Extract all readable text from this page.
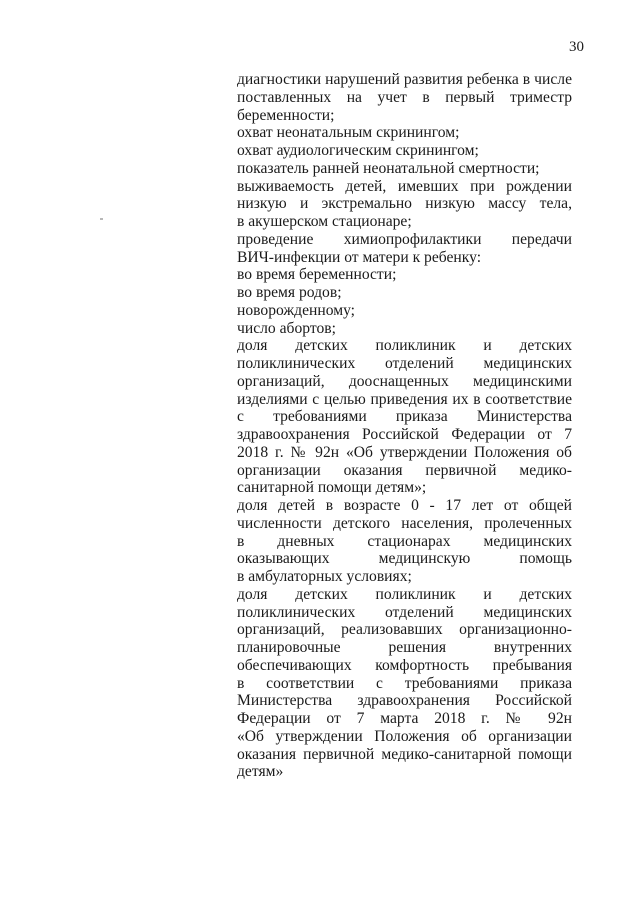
30
диагностики нарушений развития ребенка в числе
поставленных на учет в первый триместр
беременности;
охват неонатальным скринингом;
охват аудиологическим скринингом;
показатель ранней неонатальной смертности;
выживаемость детей, имевших при рождении
низкую и экстремально низкую массу тела,
в акушерском стационаре;
проведение химиопрофилактики передачи
ВИЧ-инфекции от матери к ребенку:
во время беременности;
во время родов;
новорожденному;
число абортов;
доля детских поликлиник и детских
поликлинических отделений медицинских
организаций, дооснащенных медицинскими
изделиями с целью приведения их в соответствие
с требованиями приказа Министерства
здравоохранения Российской Федерации от 7
2018 г. № 92н «Об утверждении Положения об
организации оказания первичной медико-
санитарной помощи детям»;
доля детей в возрасте 0 - 17 лет от общей
численности детского населения, пролеченных
в дневных стационарах медицинских
оказывающих медицинскую помощь
в амбулаторных условиях;
доля детских поликлиник и детских
поликлинических отделений медицинских
организаций, реализовавших организационно-
планировочные решения внутренних
обеспечивающих комфортность пребывания
в соответствии с требованиями приказа
Министерства здравоохранения Российской
Федерации от 7 марта 2018 г. № 92н
«Об утверждении Положения об организации
оказания первичной медико-санитарной помощи
детям»
